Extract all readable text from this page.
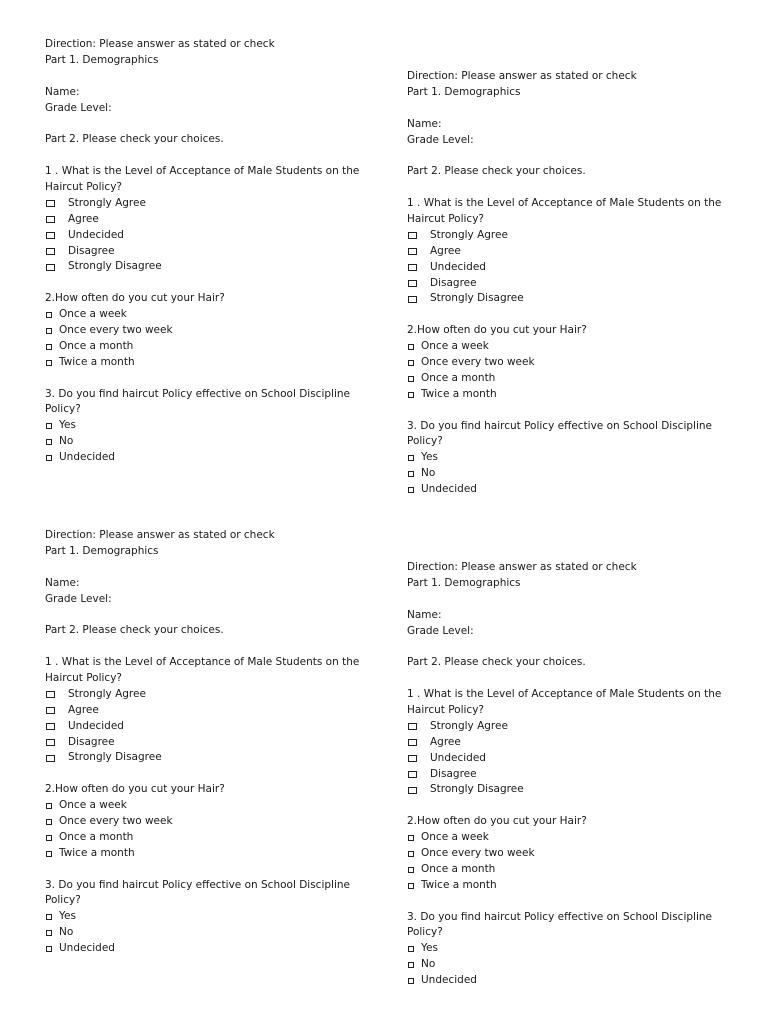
Direction: Please answer as stated or check
Part 1. Demographics
Name:
Grade Level:
Part 2. Please check your choices.
1 . What is the Level of Acceptance of Male Students on the
Haircut Policy?
Strongly Agree
Agree
Undecided
Disagree
Strongly Disagree
2.How often do you cut your Hair?
Once a week
Once every two week
Once a month
Twice a month
3. Do you find haircut Policy effective on School Discipline
Policy?
Yes
No
Undecided
Direction: Please answer as stated or check
Part 1. Demographics
Name:
Grade Level:
Part 2. Please check your choices.
1 . What is the Level of Acceptance of Male Students on the
Haircut Policy?
Strongly Agree
Agree
Undecided
Disagree
Strongly Disagree
2.How often do you cut your Hair?
Once a week
Once every two week
Once a month
Twice a month
3. Do you find haircut Policy effective on School Discipline
Policy?
Yes
No
Undecided
Direction: Please answer as stated or check
Part 1. Demographics
Name:
Grade Level:
Part 2. Please check your choices.
1 . What is the Level of Acceptance of Male Students on the
Haircut Policy?
Strongly Agree
Agree
Undecided
Disagree
Strongly Disagree
2.How often do you cut your Hair?
Once a week
Once every two week
Once a month
Twice a month
3. Do you find haircut Policy effective on School Discipline
Policy?
Yes
No
Undecided
Direction: Please answer as stated or check
Part 1. Demographics
Name:
Grade Level:
Part 2. Please check your choices.
1 . What is the Level of Acceptance of Male Students on the
Haircut Policy?
Strongly Agree
Agree
Undecided
Disagree
Strongly Disagree
2.How often do you cut your Hair?
Once a week
Once every two week
Once a month
Twice a month
3. Do you find haircut Policy effective on School Discipline
Policy?
Yes
No
Undecided
